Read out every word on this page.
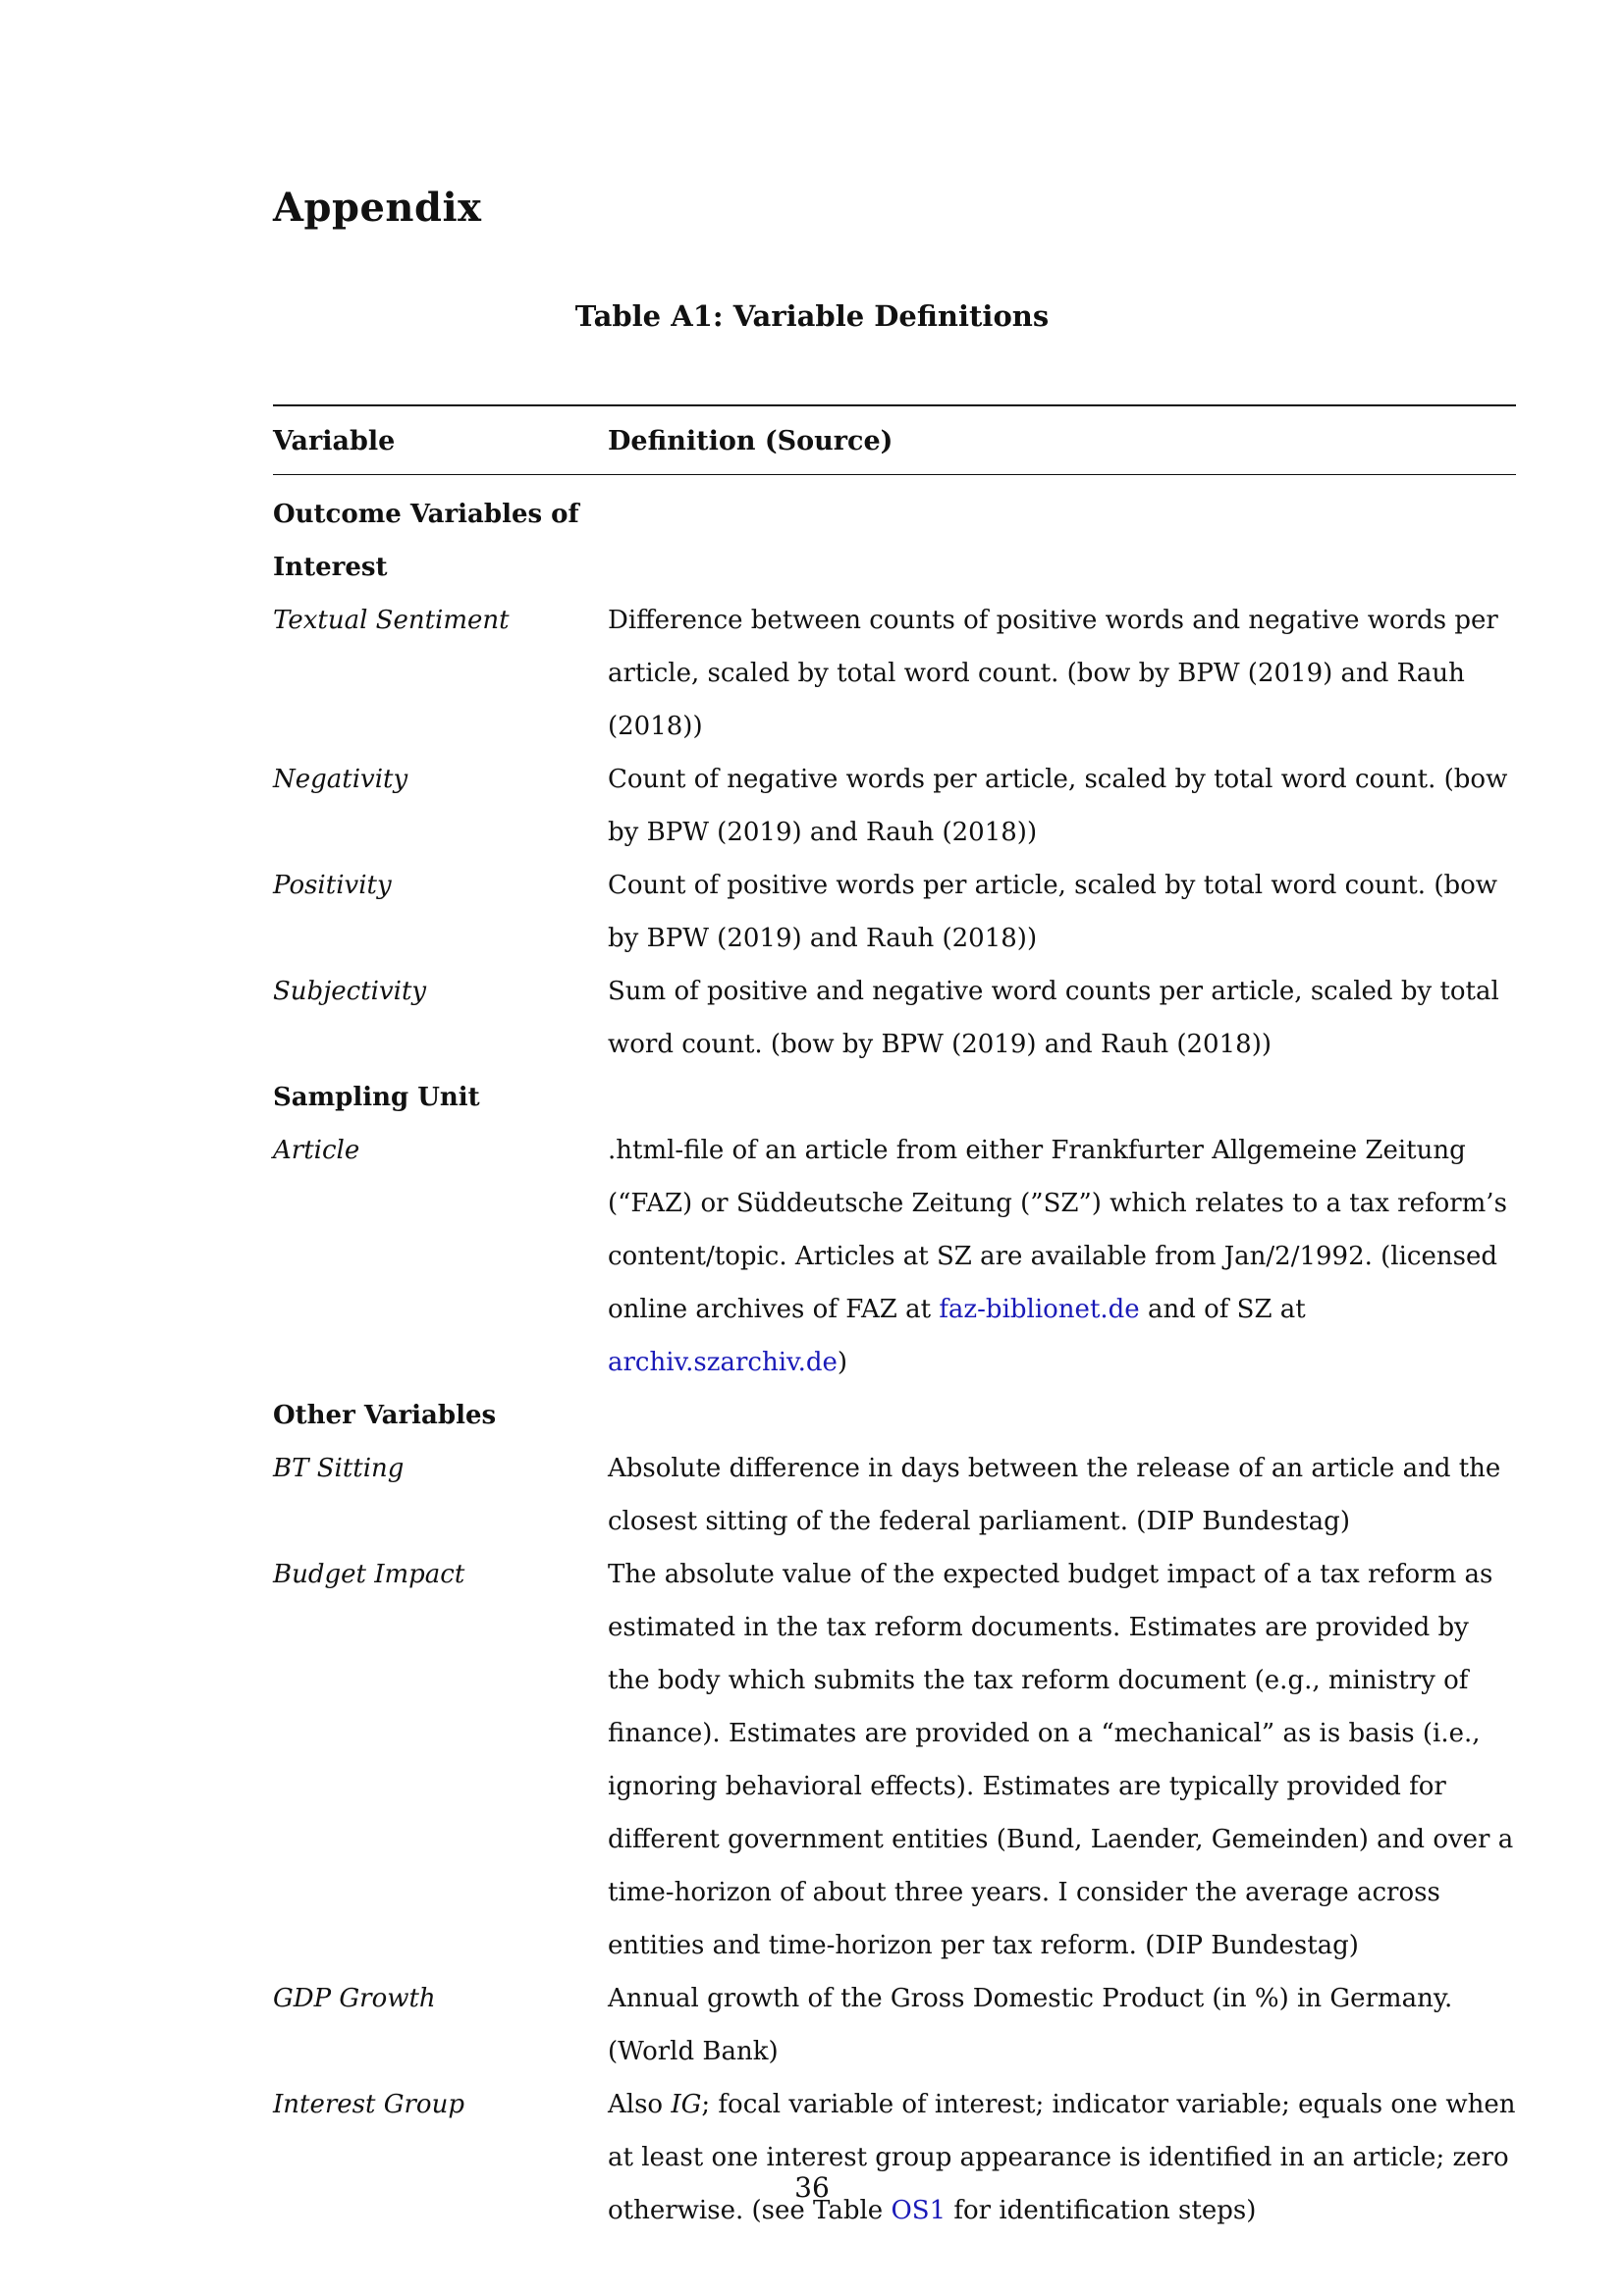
Appendix

Table A1: Variable Definitions

Variable	Definition (Source)
Outcome Variables of Interest
Textual Sentiment	Difference between counts of positive words and negative words per article, scaled by total word count. (bow by BPW (2019) and Rauh (2018))
Negativity	Count of negative words per article, scaled by total word count. (bow by BPW (2019) and Rauh (2018))
Positivity	Count of positive words per article, scaled by total word count. (bow by BPW (2019) and Rauh (2018))
Subjectivity	Sum of positive and negative word counts per article, scaled by total word count. (bow by BPW (2019) and Rauh (2018))
Sampling Unit
Article	.html-file of an article from either Frankfurter Allgemeine Zeitung (“FAZ) or Süddeutsche Zeitung (”SZ”) which relates to a tax reform’s content/topic. Articles at SZ are available from Jan/2/1992. (licensed online archives of FAZ at faz-biblionet.de and of SZ at archiv.szarchiv.de)
Other Variables
BT Sitting	Absolute difference in days between the release of an article and the closest sitting of the federal parliament. (DIP Bundestag)
Budget Impact	The absolute value of the expected budget impact of a tax reform as estimated in the tax reform documents. Estimates are provided by the body which submits the tax reform document (e.g., ministry of finance). Estimates are provided on a “mechanical” as is basis (i.e., ignoring behavioral effects). Estimates are typically provided for different government entities (Bund, Laender, Gemeinden) and over a time-horizon of about three years. I consider the average across entities and time-horizon per tax reform. (DIP Bundestag)
GDP Growth	Annual growth of the Gross Domestic Product (in %) in Germany. (World Bank)
Interest Group	Also IG; focal variable of interest; indicator variable; equals one when at least one interest group appearance is identified in an article; zero otherwise. (see Table OS1 for identification steps)
36
